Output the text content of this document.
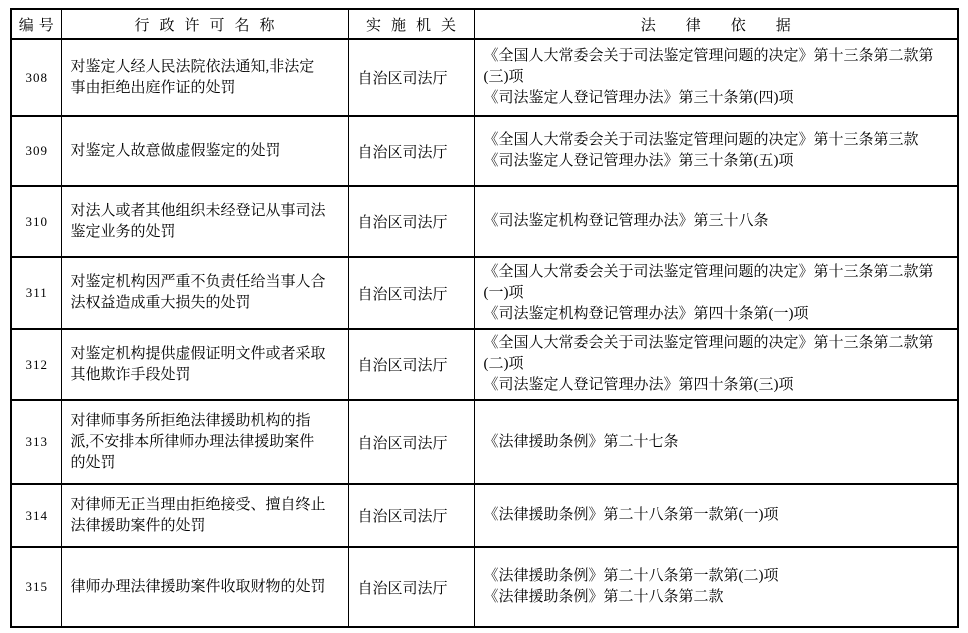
编号	行政许可名称	实施机关	法律依据
308	对鉴定人经人民法院依法通知,非法定事由拒绝出庭作证的处罚	自治区司法厅	《全国人大常委会关于司法鉴定管理问题的决定》第十三条第二款第(三)项
《司法鉴定人登记管理办法》第三十条第(四)项

309	对鉴定人故意做虚假鉴定的处罚	自治区司法厅	《全国人大常委会关于司法鉴定管理问题的决定》第十三条第三款
《司法鉴定人登记管理办法》第三十条第(五)项

310	对法人或者其他组织未经登记从事司法鉴定业务的处罚	自治区司法厅	《司法鉴定机构登记管理办法》第三十八条

311	对鉴定机构因严重不负责任给当事人合法权益造成重大损失的处罚	自治区司法厅	《全国人大常委会关于司法鉴定管理问题的决定》第十三条第二款第(一)项
《司法鉴定机构登记管理办法》第四十条第(一)项

312	对鉴定机构提供虚假证明文件或者采取其他欺诈手段处罚	自治区司法厅	《全国人大常委会关于司法鉴定管理问题的决定》第十三条第二款第(二)项
《司法鉴定人登记管理办法》第四十条第(三)项

313	对律师事务所拒绝法律援助机构的指派,不安排本所律师办理法律援助案件的处罚	自治区司法厅	《法律援助条例》第二十七条

314	对律师无正当理由拒绝接受、擅自终止法律援助案件的处罚	自治区司法厅	《法律援助条例》第二十八条第一款第(一)项

315	律师办理法律援助案件收取财物的处罚	自治区司法厅	《法律援助条例》第二十八条第一款第(二)项
《法律援助条例》第二十八条第二款
